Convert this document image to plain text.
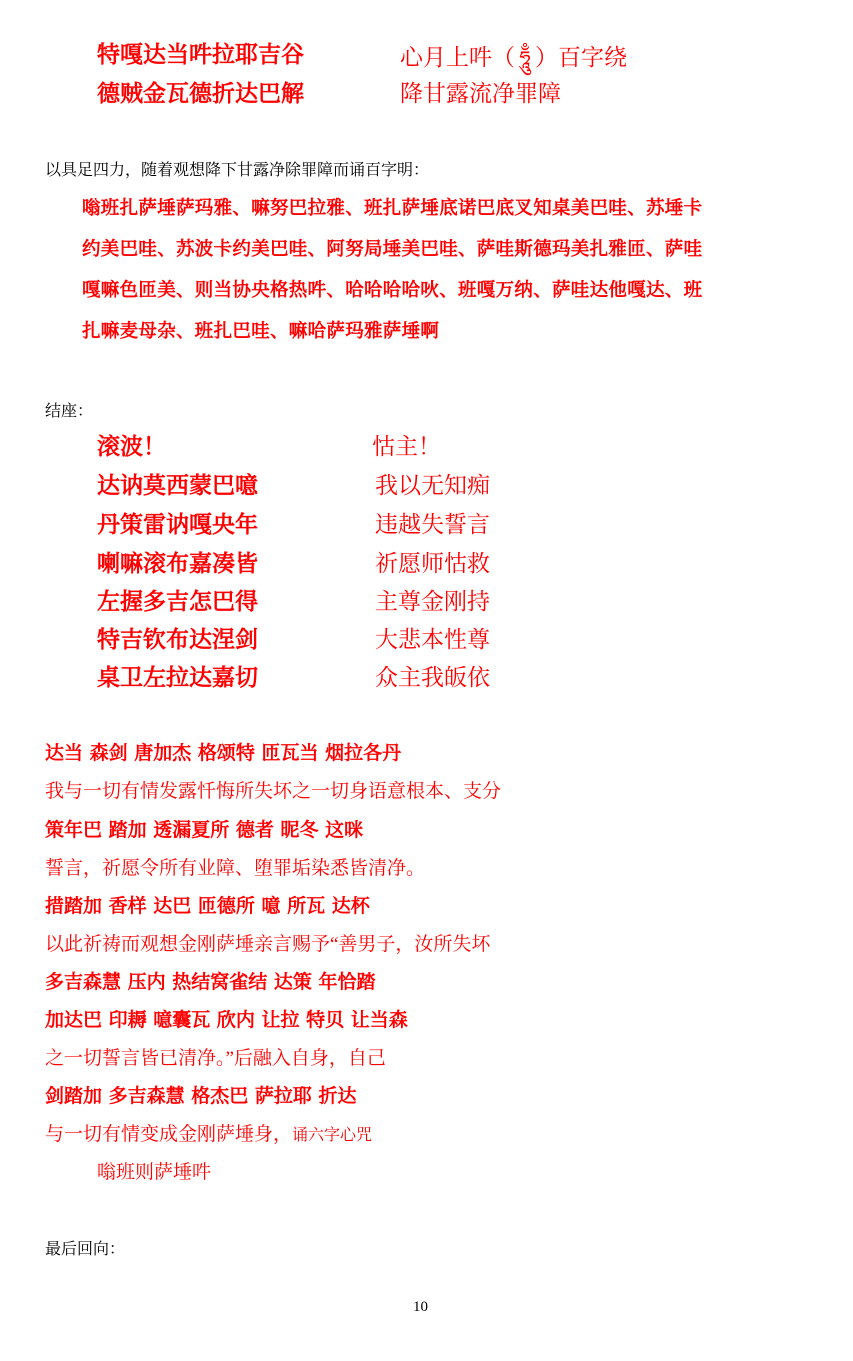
特嘎达当吽拉耶吉谷
德贼金瓦德折达巴解
心月上吽（ ཧཱུྃ ）百字绕
降甘露流净罪障
以具足四力，随着观想降下甘露净除罪障而诵百字明：
嗡班扎萨埵萨玛雅、嘛努巴拉雅、班扎萨埵底诺巴底叉知桌美巴哇、苏埵卡
约美巴哇、苏波卡约美巴哇、阿努局埵美巴哇、萨哇斯德玛美扎雅匝、萨哇
嘎嘛色匝美、则当协央格热吽、哈哈哈哈吙、班嘎万纳、萨哇达他嘎达、班
扎嘛麦母杂、班扎巴哇、嘛哈萨玛雅萨埵啊
结座：
滚波！
达讷莫西蒙巴噫
丹策雷讷嘎央年
喇嘛滚布嘉凑皆
左握多吉怎巴得
特吉钦布达涅剑
桌卫左拉达嘉切
怙主！
我以无知痴
违越失誓言
祈愿师怙救
主尊金刚持
大悲本性尊
众主我皈依
达当 森剑 唐加杰 格颂特 匝瓦当 烟拉各丹
我与一切有情发露忏悔所失坏之一切身语意根本、支分
策年巴 踏加 透漏夏所 德者 昵冬 这咪
誓言，祈愿令所有业障、堕罪垢染悉皆清净。
措踏加 香样 达巴 匝德所 噫 所瓦 达杯
以此祈祷而观想金刚萨埵亲言赐予“善男子，汝所失坏
多吉森慧 压内 热结窝雀结 达策 年恰踏
加达巴 印耨 噫囊瓦 欣内 让拉 特贝 让当森
之一切誓言皆已清净。”后融入自身，自己
剑踏加 多吉森慧 格杰巴 萨拉耶 折达
与一切有情变成金刚萨埵身，诵六字心咒
嗡班则萨埵吽
最后回向：
10
